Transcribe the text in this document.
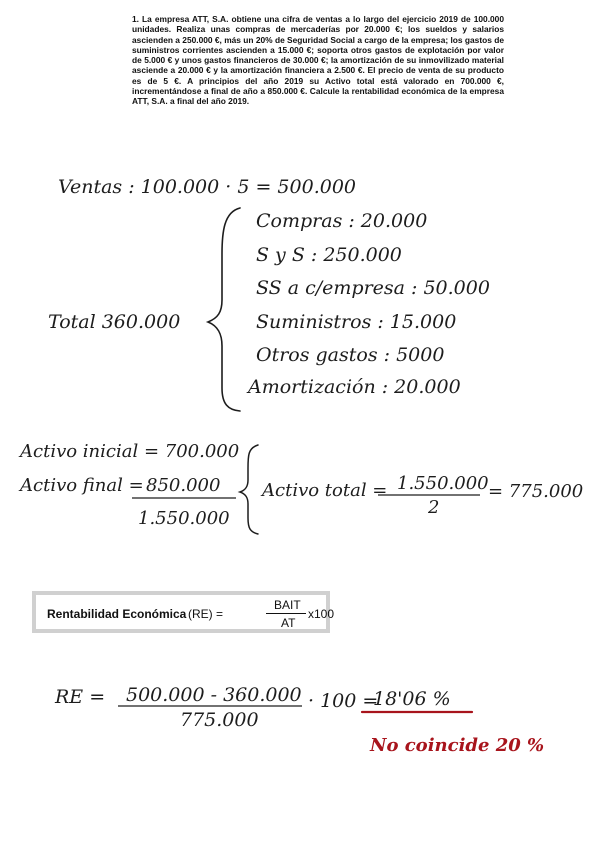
1. La empresa ATT, S.A. obtiene una cifra de ventas a lo largo del ejercicio 2019 de 100.000 unidades. Realiza unas compras de mercaderías por 20.000 €; los sueldos y salarios ascienden a 250.000 €, más un 20% de Seguridad Social a cargo de la empresa; los gastos de suministros corrientes ascienden a 15.000 €; soporta otros gastos de explotación por valor de 5.000 € y unos gastos financieros de 30.000 €; la amortización de su inmovilizado material asciende a 20.000 € y la amortización financiera a 2.500 €. El precio de venta de su producto es de 5 €. A principios del año 2019 su Activo total está valorado en 700.000 €, incrementándose a final de año a 850.000 €. Calcule la rentabilidad económica de la empresa ATT, S.A. a final del año 2019.
Ventas : 100.000 · 5 = 500.000
Total 360.000
Compras : 20.000
S y S : 250.000
SS a c/empresa : 50.000
Suministros : 15.000
Otros gastos : 5000
Amortización : 20.000
Activo inicial = 700.000
Activo final = 850.000
1.550.000
Activo total = 1.550.000
2
= 775.000
Rentabilidad Económica (RE) =
BAIT
AT
x100
RE = 500.000 - 360.000
775.000
· 100 =
18'06 %
No coincide 20 %
